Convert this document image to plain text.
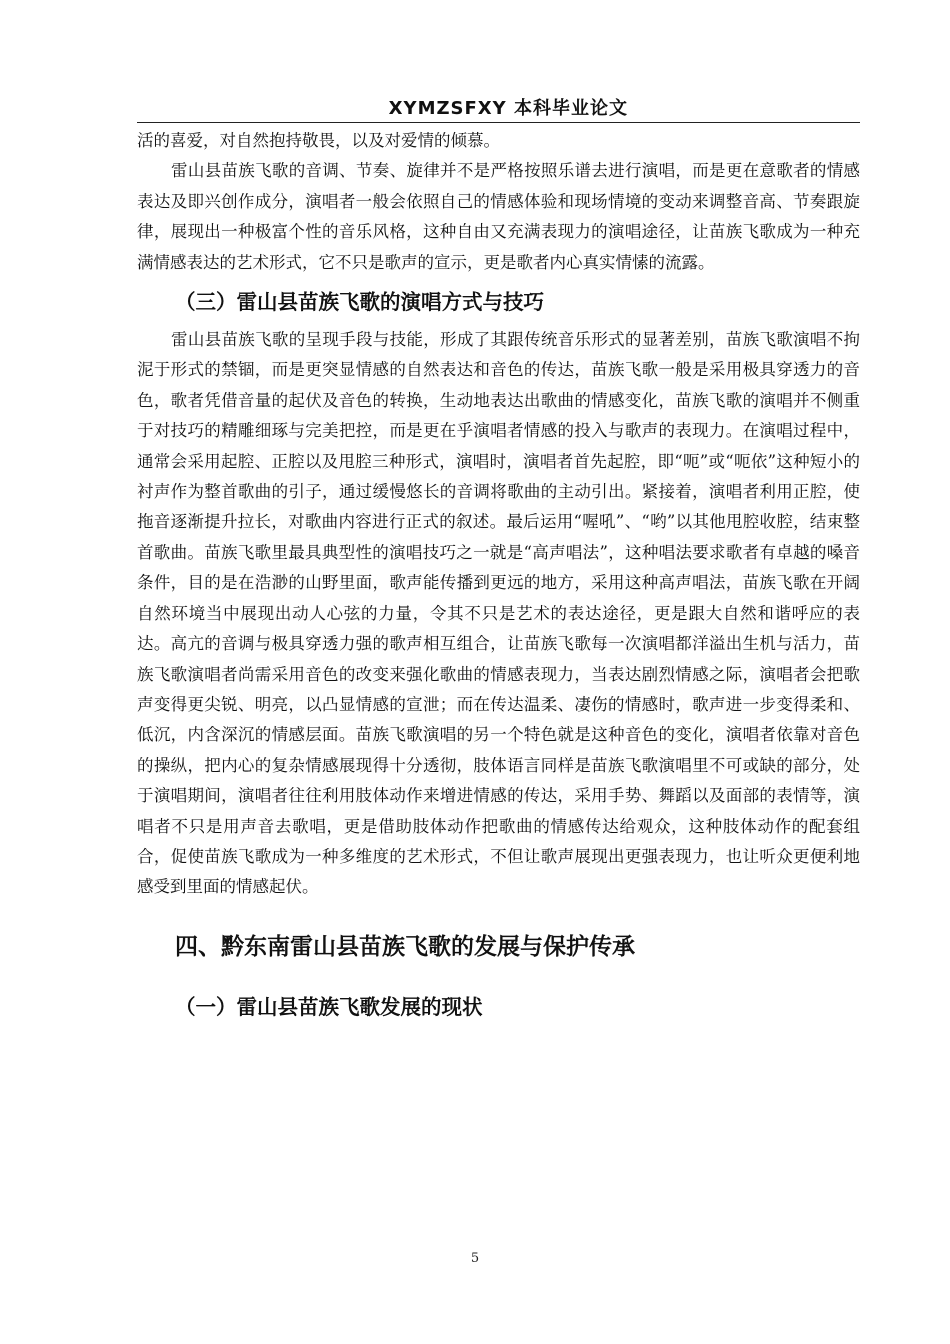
XYMZSFXY 本科毕业论文

活的喜爱，对自然抱持敬畏，以及对爱情的倾慕。

雷山县苗族飞歌的音调、节奏、旋律并不是严格按照乐谱去进行演唱，而是更在意歌者的情感表达及即兴创作成分，演唱者一般会依照自己的情感体验和现场情境的变动来调整音高、节奏跟旋律，展现出一种极富个性的音乐风格，这种自由又充满表现力的演唱途径，让苗族飞歌成为一种充满情感表达的艺术形式，它不只是歌声的宣示，更是歌者内心真实情愫的流露。

（三）雷山县苗族飞歌的演唱方式与技巧

雷山县苗族飞歌的呈现手段与技能，形成了其跟传统音乐形式的显著差别，苗族飞歌演唱不拘泥于形式的禁锢，而是更突显情感的自然表达和音色的传达，苗族飞歌一般是采用极具穿透力的音色，歌者凭借音量的起伏及音色的转换，生动地表达出歌曲的情感变化，苗族飞歌的演唱并不侧重于对技巧的精雕细琢与完美把控，而是更在乎演唱者情感的投入与歌声的表现力。在演唱过程中，通常会采用起腔、正腔以及甩腔三种形式，演唱时，演唱者首先起腔，即“呃”或“呃依”这种短小的衬声作为整首歌曲的引子，通过缓慢悠长的音调将歌曲的主动引出。紧接着，演唱者利用正腔，使拖音逐渐提升拉长，对歌曲内容进行正式的叙述。最后运用“喔吼”、“哟”以其他甩腔收腔，结束整首歌曲。苗族飞歌里最具典型性的演唱技巧之一就是“高声唱法”，这种唱法要求歌者有卓越的嗓音条件，目的是在浩渺的山野里面，歌声能传播到更远的地方，采用这种高声唱法，苗族飞歌在开阔自然环境当中展现出动人心弦的力量，令其不只是艺术的表达途径，更是跟大自然和谐呼应的表达。高亢的音调与极具穿透力强的歌声相互组合，让苗族飞歌每一次演唱都洋溢出生机与活力，苗族飞歌演唱者尚需采用音色的改变来强化歌曲的情感表现力，当表达剧烈情感之际，演唱者会把歌声变得更尖锐、明亮，以凸显情感的宣泄；而在传达温柔、凄伤的情感时，歌声进一步变得柔和、低沉，内含深沉的情感层面。苗族飞歌演唱的另一个特色就是这种音色的变化，演唱者依靠对音色的操纵，把内心的复杂情感展现得十分透彻，肢体语言同样是苗族飞歌演唱里不可或缺的部分，处于演唱期间，演唱者往往利用肢体动作来增进情感的传达，采用手势、舞蹈以及面部的表情等，演唱者不只是用声音去歌唱，更是借助肢体动作把歌曲的情感传达给观众，这种肢体动作的配套组合，促使苗族飞歌成为一种多维度的艺术形式，不但让歌声展现出更强表现力，也让听众更便利地感受到里面的情感起伏。

四、黔东南雷山县苗族飞歌的发展与保护传承
（一）雷山县苗族飞歌发展的现状
5
